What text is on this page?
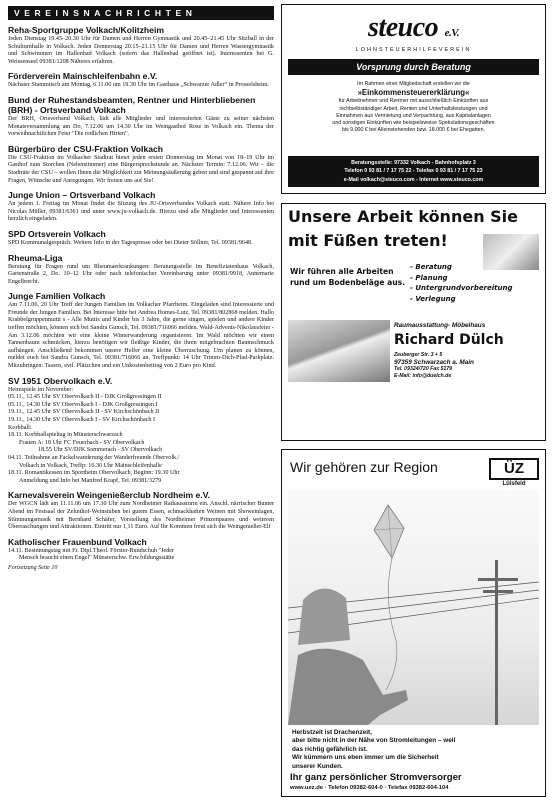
VEREINSNACHRICHTEN
Reha-Sportgruppe Volkach/Kolitzheim

Jeden Dienstag 19.45–20.30 Uhr für Damen und Herren Gymnastik und 20.45–21.45 Uhr Sitzball in der Schulturnhalle in Volkach. Jeden Donnerstag 20.15–21.15 Uhr für Damen und Herren Wassergymnastik und Schwimmen im Hallenbad Volkach (sofern das Hallenbad geöffnet ist). Interessenten bei G. Weissenseel 09381/1208 Näheres erfahren.

Förderverein Mainschleifenbahn e.V.

Nächster Stammtisch am Montag, 6.11.06 um 19.30 Uhr im Gasthaus „Schwarzer Adler“ in Prosselsheim.

Bund der Ruhestandsbeamten, Rentner und Hinterbliebenen (BRH) - Ortsverband Volkach

Der BRH, Ortsverband Volkach, lädt alle Mitglieder und interessierten Gäste zu seiner nächsten Monatsversammlung am Do, 7.12.06 um 14.30 Uhr im Weingasthof Rose in Volkach ein. Thema der vorweihnachtlichen Feier "Die redlichen Hirten".

Bürgerbüro der CSU-Fraktion Volkach

Die CSU-Fraktion im Volkacher Stadtrat bietet jeden ersten Donnerstag im Monat von 18–19 Uhr im Gasthof zum Storchen (Nebenzimmer) eine Bürgersprechstunde an. Nächster Termin: 7.12.06. Wir – die Stadträte der CSU – wollen Ihnen die Möglichkeit zur Meinungsäußerung geben und sind gespannt auf ihre Fragen, Wünsche und Anregungen. Wir freuen uns auf Sie!

Junge Union – Ortsverband Volkach

An jedem 1. Freitag im Monat findet die Sitzung des JU-Ortsverbandes Volkach statt. Nähere Info bei Nicolas Müller, 09381/6361 und unter www.ju-volkach.de. Hierzu sind alle Mitglieder und Interessenten herzlich eingeladen.

SPD Ortsverein Volkach

SPD Kommunalgespräch. Weitere Info in der Tagespresse oder bei Dieter Söllner, Tel. 09381/9648.

Rheuma-Liga

Beratung für Fragen rund um Rheumaerkrankungen: Beratungsstelle im Benefiziatenhaus Volkach, Gartenstraße 2, Do. 10–12 Uhr oder nach telefonischer Vereinbarung unter 09381/9918, Annemarie Engelbrecht.

Junge Familien Volkach

Am 7.11.06, 20 Uhr Treff der Jungen Familien im Volkacher Pfarrheim. Eingeladen sind Interessierte und Freunde der Jungen Familien. Bei Interesse bitte bei Andrea Homes-Lutz, Tel. 09381/802868 melden. Hallo Krabbelgruppenmutti s - Alle Muttis und Kinder bis 3 Jahre, die gerne singen, spielen und andere Kinder treffen möchten, können sich bei Sandra Gunsch, Tel. 09381/716066 melden. Wald-Advents-Nikolausfeier - Am 3.12.06 möchten wir eine kleine Winterwanderung organisieren. Im Wald möchten wir einen Tannenbaum schmücken, hierzu benötigen wir fleißige Kinder, die ihren mitgebrachten Baumschmuck aufhängen. Anschließend bekommen unsere Helfer eine kleine Überraschung. Um planen zu können, meldet euch bei Sandra Gunsch, Tel. 09381/716066 an. Treffpunkt: 14 Uhr Trimm-Dich-Pfad-Parkplatz. Mitzubringen: Tassen, evtl. Plätzchen und ein Unkostenbeitrag von 2 Euro pro Kind.

SV 1951 Obervolkach e.V.
Heimspiele im November:
05.11., 12.45 Uhr SV Obervolkach II - DJK Großgressingen II
05.11., 14.30 Uhr SV Obervolkach I - DJK Großgressingen I
19.11., 12.45 Uhr SV Obervolkach II - SV Kirchschönbach II
19.11., 14.30 Uhr SV Obervolkach I - SV Kirchschönbach I
Korbball:
18.11. Korbballspieltag in Münsterschwarzach
Frauen A: 18 Uhr FC Feuerbach - SV Obervolkach
18.55 Uhr SV/DJK Sommerach - SV Obervolkach
04.11. Teilnahme an Fackelwanderung der Wanderfreunde Obervolk./
Volkach in Volkach, Treffp: 16.30 Uhr Mainschleifenhalle
18.11. Romantikessen im Sportheim Obervolkach, Beginn: 19.30 Uhr
Anmeldung und Info bei Manfred Krapf, Tel. 09381/3279
Karnevalsverein Weingenießerclub Nordheim e.V.

Der WGCN lädt am 11.11.06 um 17.30 Uhr zum Nordheimer Rathaussturm ein. Anschl. närrischer Bunter Abend im Festsaal der Zehnthof-Weinstuben bei gutem Essen, schmackhaften Weinen mit Showeinlagen, Stimmungsmusik mit Bernhard Schäfer, Vorstellung des Nordheimer Prinzenpaares und weiteren Überraschungen und Attraktionen. Eintritt nur 1,11 Euro. Auf Ihr Kommen freut sich die Weingenießer-Elf

Katholischer Frauenbund Volkach
14.11. Besinnungstag mit Fr. Dipl.Theol. Förster-Bundschuh "Jeder
Mensch braucht einen Engel" Münsterschw. Erw.bildungsstätte
Fortsetzung Seite 10
steuco e.V.
LOHNSTEUERHILFEVEREIN
Vorsprung durch Beratung
Im Rahmen einer Mitgliedschaft erstellen wir die
»Einkommensteuererklärung«
für Arbeitnehmer und Rentner mit ausschließlich Einkünften aus
nichtselbständiger Arbeit, Renten und Unterhaltsleistungen und
Einnahmen aus Vermietung und Verpachtung, aus Kapitalanlagen
und sonstigen Einkünften wie beispielsweise Spekulationsgeschäften
bis 9.000 € bei Alleinstehenden bzw. 18.000 € bei Ehegatten.
Beratungsstelle: 97332 Volkach - Bahnhofsplatz 3
Telefon 0 93 81 / 7 17 75 22 - Telefax 0 93 81 / 7 17 75 23
e-Mail volkach@steuco.com - Internet www.steuco.com
Unsere Arbeit können Sie
mit Füßen treten!
Wir führen alle Arbeiten
rund um Bodenbeläge aus.
- Beratung
- Planung
- Untergrundvorbereitung
- Verlegung
Raumausstattung- Möbelhaus
Richard Dülch
Zeuberger Str. 3 + 5
97359 Schwarzach a. Main
Tel. 09324/720 Fax 5179
E-Mail: info@duelch.de
Wir gehören zur Region	ÜZ
Lülsfeld
Herbstzeit ist Drachenzeit,
aber bitte nicht in der Nähe von Stromleitungen – weil
das richtig gefährlich ist.
Wir kümmern uns eben immer um die Sicherheit
unserer Kunden.
Ihr ganz persönlicher Stromversorger
www.uez.de · Telefon 09382-604-0 · Telefax 09382-604-104
